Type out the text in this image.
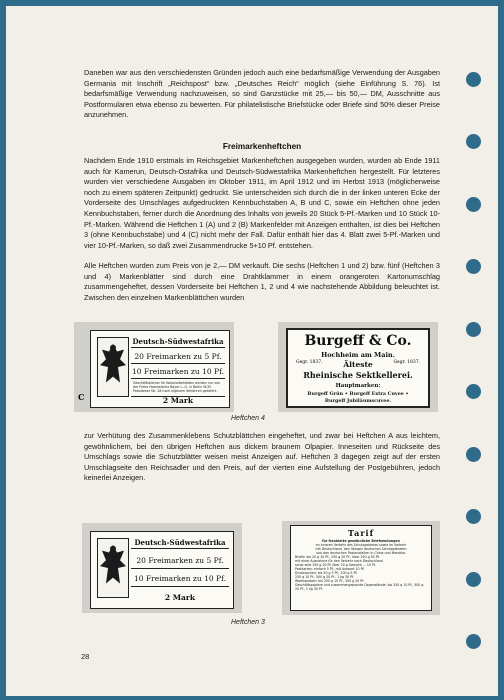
Daneben war aus den verschiedensten Gründen jedoch auch eine bedarfsmäßige Verwendung der Ausgaben Germania mit Inschrift „Reichspost“ bzw. „Deutsches Reich“ möglich (siehe Einführung S. 76). Ist bedarfsmäßige Verwendung nachzuweisen, so sind Ganzstücke mit 25,— bis 50,— DM, Ausschnitte aus Postformularen etwa ebenso zu bewerten. Für philatelistische Briefstücke oder Briefe sind 50% dieser Preise anzunehmen.

Freimarkenheftchen

Nachdem Ende 1910 erstmals im Reichsgebiet Markenheftchen ausgegeben wurden, wurden ab Ende 1911 auch für Kamerun, Deutsch-Ostafrika und Deutsch-Südwestafrika Markenheftchen hergestellt. Für letzteres wurden vier verschiedene Ausgaben im Oktober 1911, im April 1912 und im Herbst 1913 (möglicherweise noch zu einem späteren Zeitpunkt) gedruckt. Sie unterscheiden sich durch die in der linken unteren Ecke der Vorderseite des Umschlages aufgedruckten Kennbuchstaben A, B und C, sowie ein Heftchen ohne jeden Kennbuchstaben, ferner durch die Anordnung des Inhalts von jeweils 20 Stück 5-Pf.-Marken und 10 Stück 10-Pf.-Marken. Während die Heftchen 1 (A) und 2 (B) Markenfelder mit Anzeigen enthalten, ist dies bei Heftchen 3 (ohne Kennbuchstabe) und 4 (C) nicht mehr der Fall. Dafür enthält hier das 4. Blatt zwei 5-Pf.-Marken und vier 10-Pf.-Marken, so daß zwei Zusammendrucke 5+10 Pf. entstehen.

Alle Heftchen wurden zum Preis von je 2,— DM verkauft. Die sechs (Heftchen 1 und 2) bzw. fünf (Heftchen 3 und 4) Markenblätter sind durch eine Drahtklammer in einem orangeroten Kartonumschlag zusammengeheftet, dessen Vorderseite bei Heftchen 1, 2 und 4 wie nachstehende Abbildung beleuchtet ist. Zwischen den einzelnen Markenblättchen wurden

C
Deutsch-Südwestafrika
20 Freimarken zu 5 Pf.
10 Freimarken zu 10 Pf.
Geschäftsbücher für Kolonialbehörden werden nur von der Firma Hoeckelsche Bayer L.-G. in Berlin W.35 Potsdamer Str. 28 nach eigenem Verfahren geliefert.
2 Mark
Burgeff & Co.
Hochheim am Main.
Gegr. 1837.	Gegr. 1837.
Älteste
Rheinische Sektkellerei.
Hauptmarken:
Burgeff Grün • Burgeff Extra Cuvee •
Burgeff Jubiläumscuvee.
Heftchen 4

zur Verhütung des Zusammenklebens Schutzblättchen eingeheftet, und zwar bei Heftchen A aus leichtem, gewöhnlichem, bei den übrigen Heftchen aus dickem braunem Olpapier. Inneseiten und Rückseite des Umschlags sowie die Schutzblätter weisen meist Anzeigen auf. Heftchen 3 dagegen zeigt auf der ersten Umschlagseite den Reichsadler und den Preis, auf der vierten eine Aufstellung der Postgebühren, jedoch keinerlei Anzeigen.

Deutsch-Südwestafrika
20 Freimarken zu 5 Pf.
10 Freimarken zu 10 Pf.
2 Mark
Tarif
für frankierte gewöhnliche Briefsendungen
im inneren Verkehr des Schutzgebietes sowie im Verkehr
mit Deutschland, den übrigen deutschen Schutzgebieten
und den deutschen Postanstalten in China und Marokko.
Briefe: bis 20 g 10 Pf., 250 g 20 Pf., über 250 g 50 Pf.
mit einer Ausnahme für den Verkehr nach Deutschland
sonst wird 250 g 20 Pf. über 20 g Gewicht ... 10 Pf.
Postkarten: einfach 5 Pf., mit Antwort 10 Pf.
Drucksachen: bis 50 g 3 Pf., 100 g 5 Pf.
250 g 10 Pf., 500 g 20 Pf., 1 kg 30 Pf.
Warenproben: bis 250 g 10 Pf., 350 g 20 Pf.
Geschäftspapiere und zusammengepackte Gegenstände: bis 250 g 10 Pf., 500 g 20 Pf., 1 kg 30 Pf.
Heftchen 3
28
